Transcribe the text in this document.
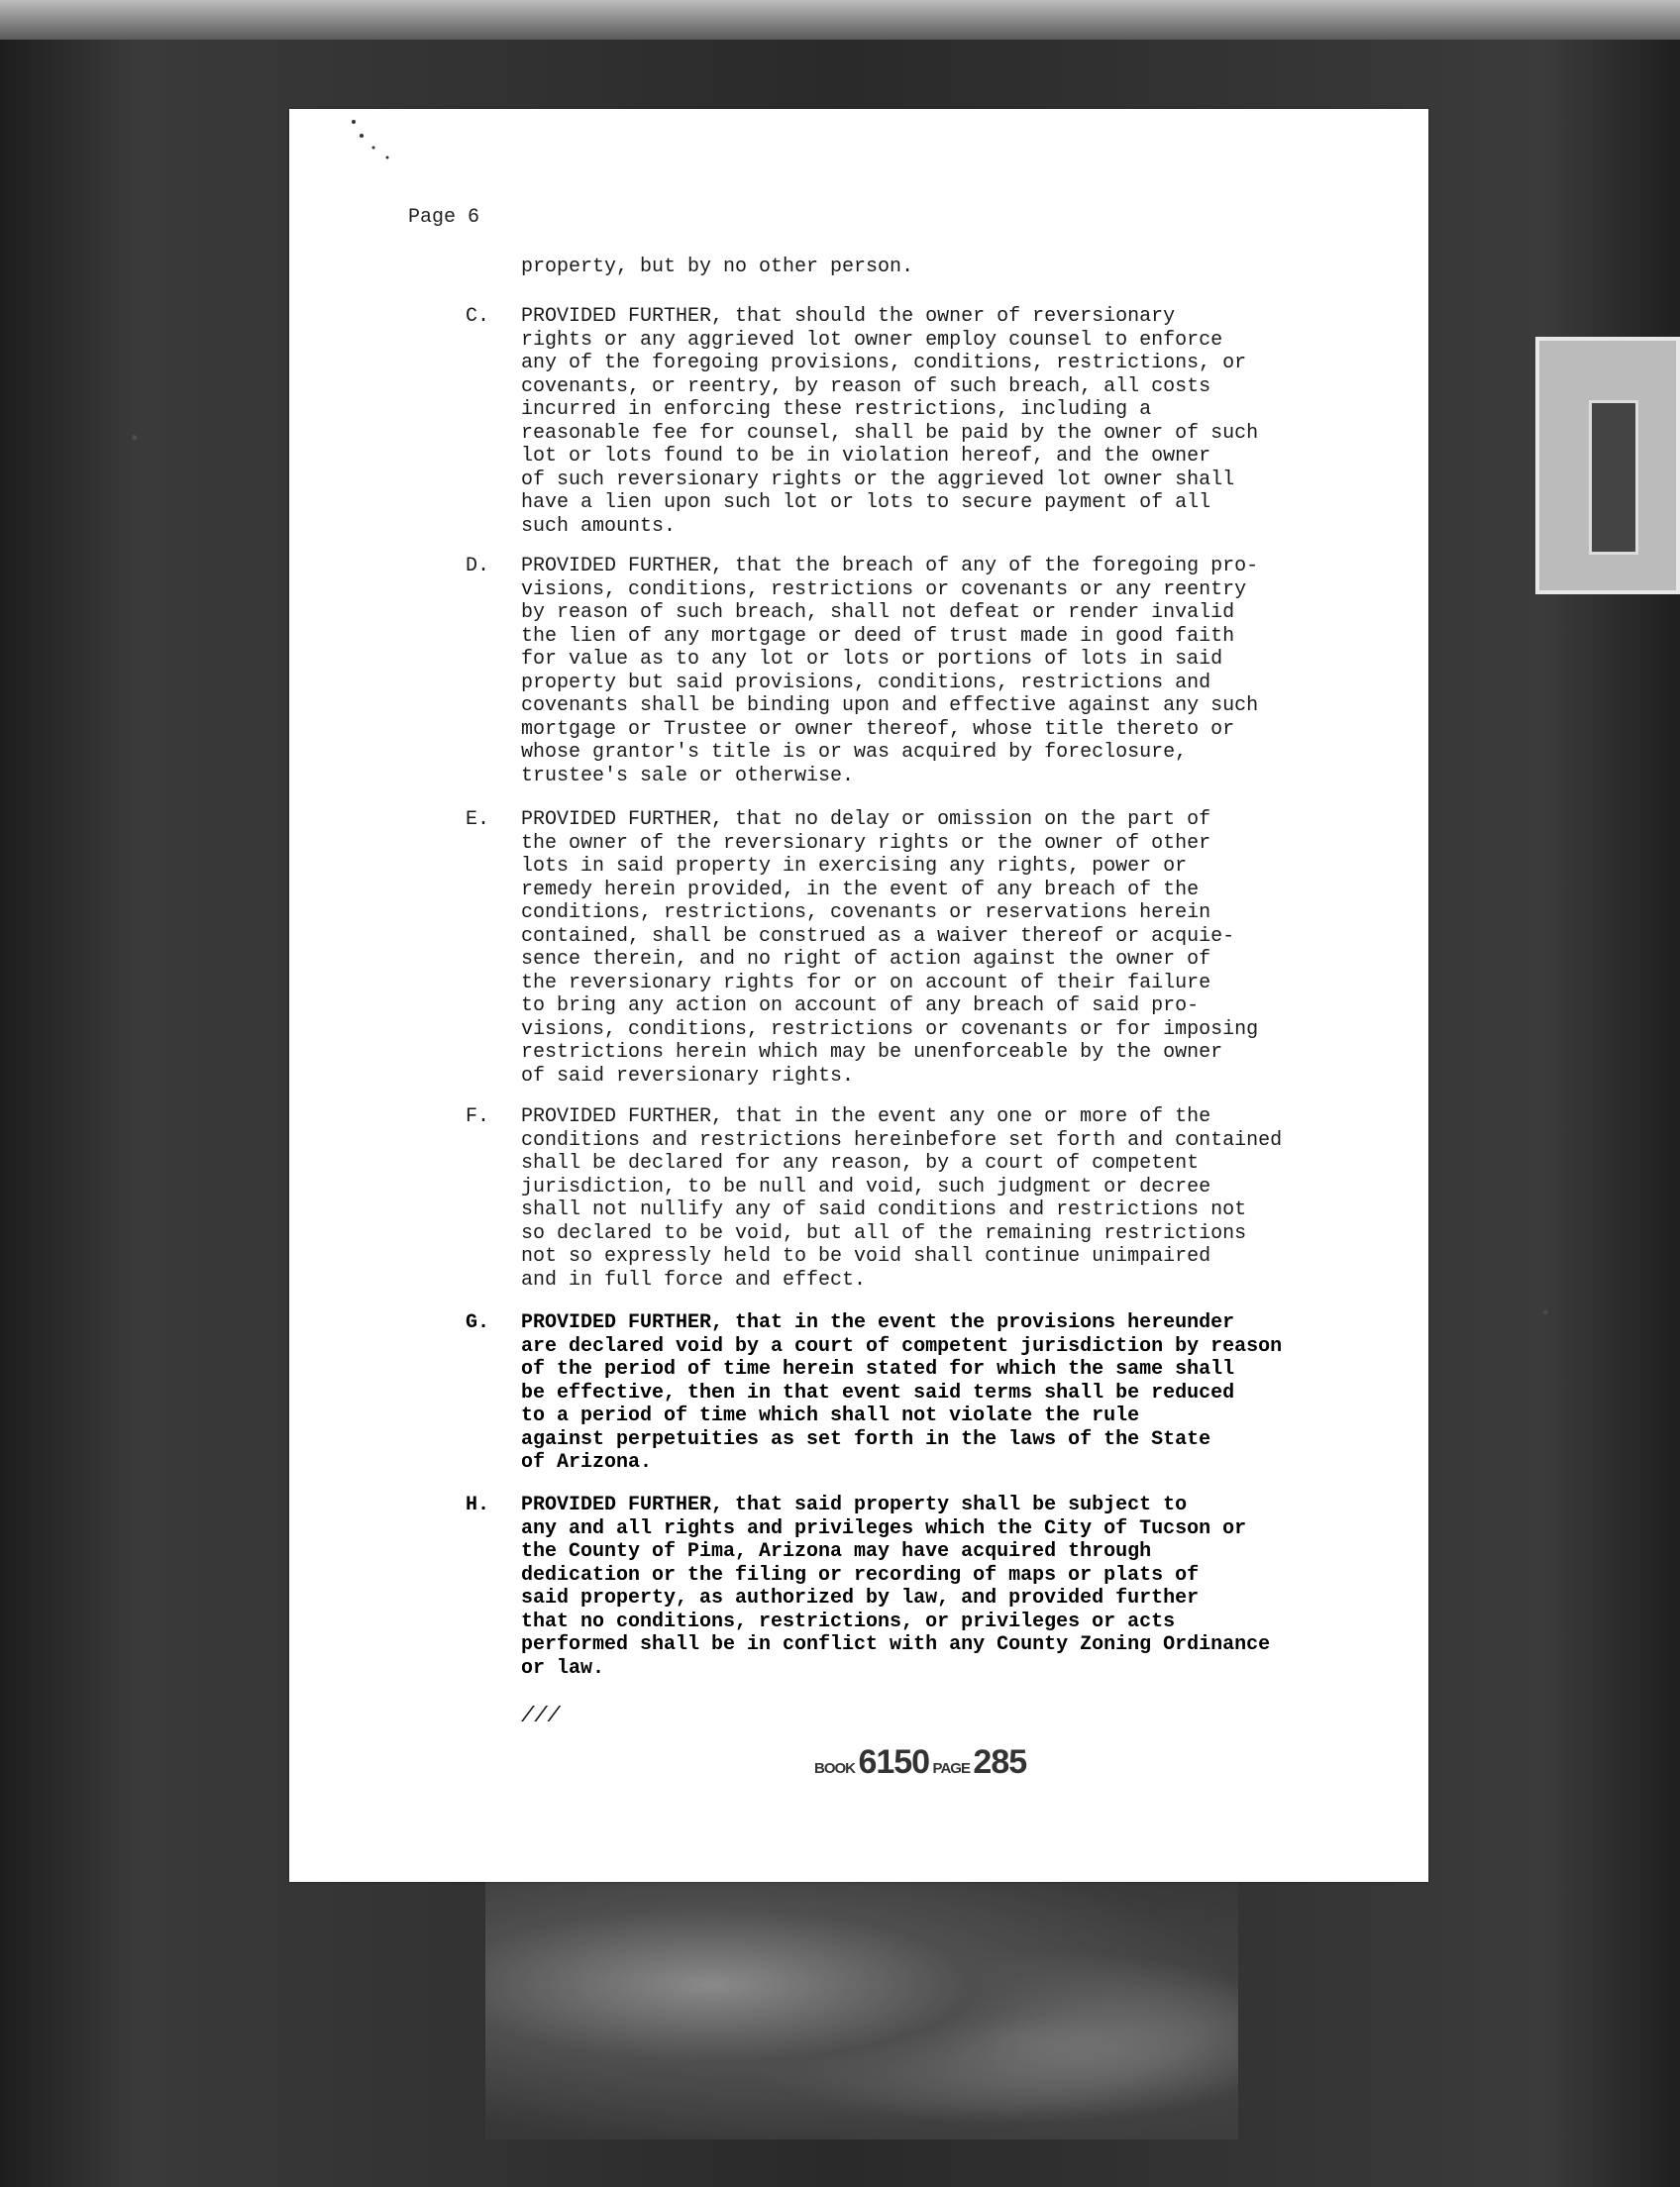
Page 6
property, but by no other person.
C. PROVIDED FURTHER, that should the owner of reversionary
rights or any aggrieved lot owner employ counsel to enforce
any of the foregoing provisions, conditions, restrictions, or
covenants, or reentry, by reason of such breach, all costs
incurred in enforcing these restrictions, including a
reasonable fee for counsel, shall be paid by the owner of such
lot or lots found to be in violation hereof, and the owner
of such reversionary rights or the aggrieved lot owner shall
have a lien upon such lot or lots to secure payment of all
such amounts.
D. PROVIDED FURTHER, that the breach of any of the foregoing pro-
visions, conditions, restrictions or covenants or any reentry
by reason of such breach, shall not defeat or render invalid
the lien of any mortgage or deed of trust made in good faith
for value as to any lot or lots or portions of lots in said
property but said provisions, conditions, restrictions and
covenants shall be binding upon and effective against any such
mortgage or Trustee or owner thereof, whose title thereto or
whose grantor's title is or was acquired by foreclosure,
trustee's sale or otherwise.
E. PROVIDED FURTHER, that no delay or omission on the part of
the owner of the reversionary rights or the owner of other
lots in said property in exercising any rights, power or
remedy herein provided, in the event of any breach of the
conditions, restrictions, covenants or reservations herein
contained, shall be construed as a waiver thereof or acquie-
sence therein, and no right of action against the owner of
the reversionary rights for or on account of their failure
to bring any action on account of any breach of said pro-
visions, conditions, restrictions or covenants or for imposing
restrictions herein which may be unenforceable by the owner
of said reversionary rights.
F. PROVIDED FURTHER, that in the event any one or more of the
conditions and restrictions hereinbefore set forth and contained
shall be declared for any reason, by a court of competent
jurisdiction, to be null and void, such judgment or decree
shall not nullify any of said conditions and restrictions not
so declared to be void, but all of the remaining restrictions
not so expressly held to be void shall continue unimpaired
and in full force and effect.
G. PROVIDED FURTHER, that in the event the provisions hereunder
are declared void by a court of competent jurisdiction by reason
of the period of time herein stated for which the same shall
be effective, then in that event said terms shall be reduced
to a period of time which shall not violate the rule
against perpetuities as set forth in the laws of the State
of Arizona.
H. PROVIDED FURTHER, that said property shall be subject to
any and all rights and privileges which the City of Tucson or
the County of Pima, Arizona may have acquired through
dedication or the filing or recording of maps or plats of
said property, as authorized by law, and provided further
that no conditions, restrictions, or privileges or acts
performed shall be in conflict with any County Zoning Ordinance
or law.
///
BOOK 6150 PAGE 285
